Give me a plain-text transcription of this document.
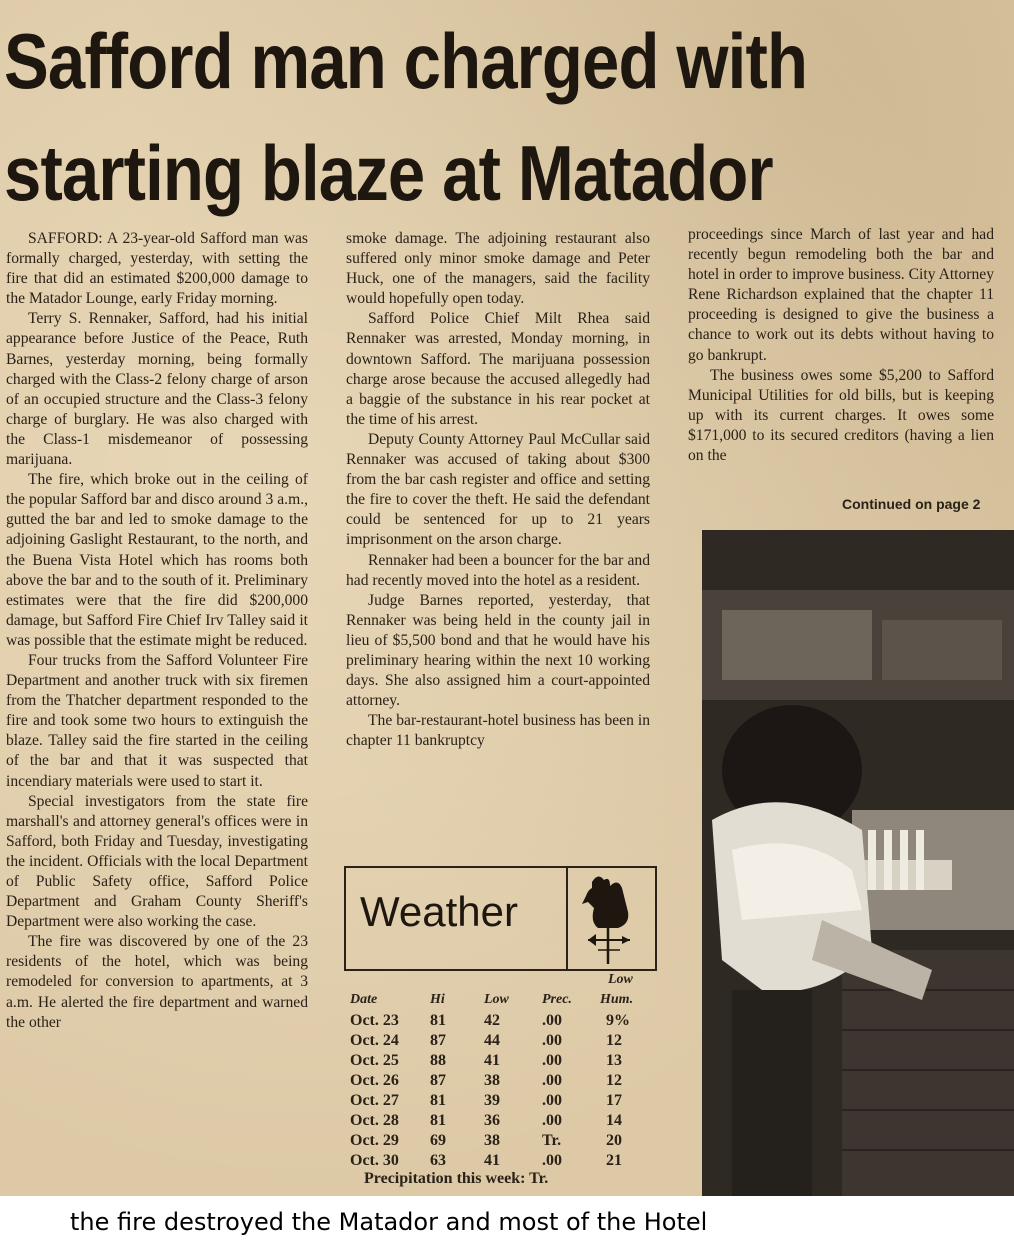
Safford man charged with
starting blaze at Matador

SAFFORD: A 23-year-old Safford man was formally charged, yesterday, with setting the fire that did an estimated $200,000 damage to the Matador Lounge, early Friday morning.

Terry S. Rennaker, Safford, had his initial appearance before Justice of the Peace, Ruth Barnes, yesterday morning, being formally charged with the Class-2 felony charge of arson of an occupied structure and the Class-3 felony charge of burglary. He was also charged with the Class-1 misdemeanor of possessing marijuana.

The fire, which broke out in the ceiling of the popular Safford bar and disco around 3 a.m., gutted the bar and led to smoke damage to the adjoining Gaslight Restaurant, to the north, and the Buena Vista Hotel which has rooms both above the bar and to the south of it. Preliminary estimates were that the fire did $200,000 damage, but Safford Fire Chief Irv Talley said it was possible that the estimate might be reduced.

Four trucks from the Safford Volunteer Fire Department and another truck with six firemen from the Thatcher department responded to the fire and took some two hours to extinguish the blaze. Talley said the fire started in the ceiling of the bar and that it was suspected that incendiary materials were used to start it.

Special investigators from the state fire marshall's and attorney general's offices were in Safford, both Friday and Tuesday, investigating the incident. Officials with the local Department of Public Safety office, Safford Police Department and Graham County Sheriff's Department were also working the case.

The fire was discovered by one of the 23 residents of the hotel, which was being remodeled for conversion to apartments, at 3 a.m. He alerted the fire department and warned the other

smoke damage. The adjoining restaurant also suffered only minor smoke damage and Peter Huck, one of the managers, said the facility would hopefully open today.

Safford Police Chief Milt Rhea said Rennaker was arrested, Monday morning, in downtown Safford. The marijuana possession charge arose because the accused allegedly had a baggie of the substance in his rear pocket at the time of his arrest.

Deputy County Attorney Paul McCullar said Rennaker was accused of taking about $300 from the bar cash register and office and setting the fire to cover the theft. He said the defendant could be sentenced for up to 21 years imprisonment on the arson charge.

Rennaker had been a bouncer for the bar and had recently moved into the hotel as a resident.

Judge Barnes reported, yesterday, that Rennaker was being held in the county jail in lieu of $5,500 bond and that he would have his preliminary hearing within the next 10 working days. She also assigned him a court-appointed attorney.

The bar-restaurant-hotel business has been in chapter 11 bankruptcy

proceedings since March of last year and had recently begun remodeling both the bar and hotel in order to improve business. City Attorney Rene Richardson explained that the chapter 11 proceeding is designed to give the business a chance to work out its debts without having to go bankrupt.

The business owes some $5,200 to Safford Municipal Utilities for old bills, but is keeping up with its current charges. It owes some $171,000 to its secured creditors (having a lien on the

Continued on page 2
Weather
Low
Date	Hi	Low Prec. Hum.
Oct. 23 81 42	.00	9%
Oct. 24 87 44	.00	12
Oct. 25 88 41	.00	13
Oct. 26 87 38	.00	12
Oct. 27 81 39	.00	17
Oct. 28 81 36	.00	14
Oct. 29 69 38	Tr.	20
Oct. 30 63 41	.00	21
Precipitation this week: Tr.
the fire destroyed the Matador and most of the Hotel
